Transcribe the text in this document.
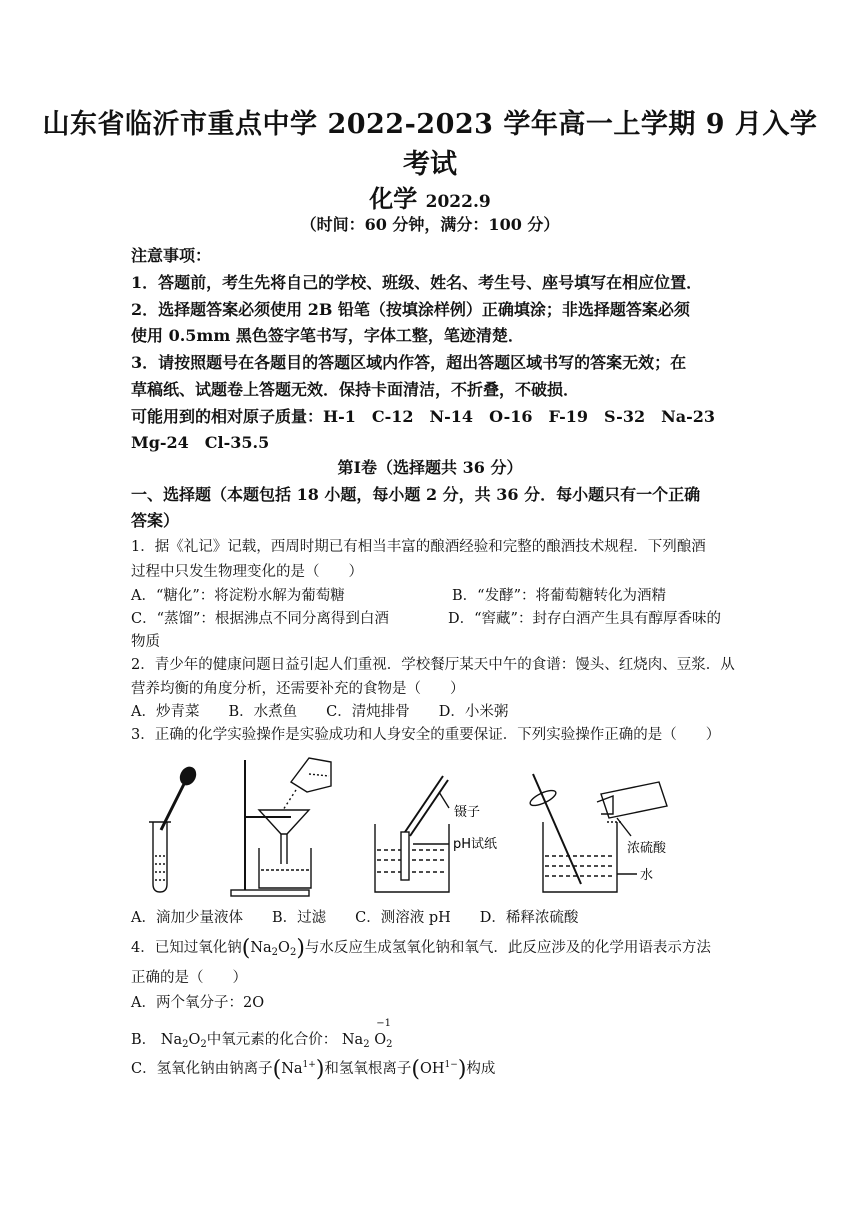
山东省临沂市重点中学 2022-2023 学年高一上学期 9 月入学
考试
化学 2022.9
（时间：60 分钟，满分：100 分）
注意事项：
1．答题前，考生先将自己的学校、班级、姓名、考生号、座号填写在相应位置．
2．选择题答案必须使用 2B 铅笔（按填涂样例）正确填涂；非选择题答案必须
使用 0.5mm 黑色签字笔书写，字体工整，笔迹清楚．
3．请按照题号在各题目的答题区域内作答，超出答题区域书写的答案无效；在
草稿纸、试题卷上答题无效．保持卡面清洁，不折叠，不破损．
可能用到的相对原子质量：H-1　C-12　N-14　O-16　F-19　S-32　Na-23
Mg-24　Cl-35.5
第Ⅰ卷（选择题共 36 分）
一、选择题（本题包括 18 小题，每小题 2 分，共 36 分．每小题只有一个正确
答案）
1．据《礼记》记载，西周时期已有相当丰富的酿酒经验和完整的酿酒技术规程．下列酿酒
过程中只发生物理变化的是（　　）
A．“糖化”：将淀粉水解为葡萄糖	B．“发酵”：将葡萄糖转化为酒精
C．“蒸馏”：根据沸点不同分离得到白酒	D．“窖藏”：封存白酒产生具有醇厚香味的
物质
2．青少年的健康问题日益引起人们重视．学校餐厅某天中午的食谱：馒头、红烧肉、豆浆．从
营养均衡的角度分析，还需要补充的食物是（　　）
A．炒青菜　　B．水煮鱼　　C．清炖排骨　　D．小米粥
3．正确的化学实验操作是实验成功和人身安全的重要保证．下列实验操作正确的是（　　）
镊子
pH试纸	浓硫酸
水
A．滴加少量液体　　B．过滤　　C．测溶液 pH　　D．稀释浓硫酸
4．已知过氧化钠$(Na_2O_2)$与水反应生成氢氧化钠和氧气．此反应涉及的化学用语表示方法
正确的是（　　）
A．两个氧分子：2O
B． $Na_2O_2$中氧元素的化合价： $Na_2$
−1
$O_2$
C．氢氧化钠由钠离子$(Na^{1+})$和氢氧根离子$(OH^{1-})$构成
